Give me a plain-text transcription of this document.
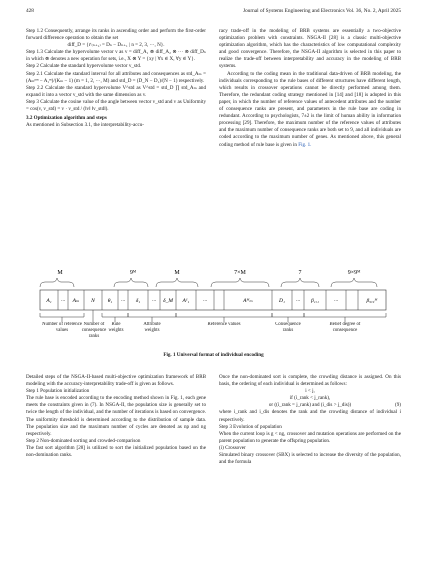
428	Journal of Systems Engineering and Electronics Vol. 36, No. 2, April 2025

Step 1.2 Consequently, arrange its ranks in ascending order and perform the first-order forward difference operation to obtain the set

diff_D = {rᵗ₍ₙ₊₁₎ = Dₙ − Dₙ₊₁ | n = 2, 3, ···, N}.

Step 1.3 Calculate the hypervolume vector v as v = diff_A₁ ⊗ diff_A₂ ⊗ ··· ⊗ diff_Dₙ in which ⊗ denotes a new operation for sets, i.e., X ⊗ Y = {xy | ∀x ∈ X, ∀y ∈ Y}.

Step 2 Calculate the standard hypervolume vector v_std.

Step 2.1 Calculate the standard interval for all attributes and consequences as std_Aₘ = (Aₘᵖᵐ − A₁ᵐ)/(Kₘ − 1) (m = 1, 2, ···, M) and std_D = (D_N − D₁)/(N − 1) respectively.

Step 2.2 Calculate the standard hypervolume V^std as V^std = std_D ∏ std_Aₘ and expand it into a vector v_std with the same dimension as v.

Step 3 Calculate the cosine value of the angle between vector v_std and v as Uniformity = cos(v, v_std) = v · v_std / (‖v‖ ‖v_std‖).

3.2 Optimization algorithm and steps

As mentioned in Subsection 3.1, the interpretability-accu-

racy trade-off in the modeling of BRB systems are essentially a two-objective optimization problem with constraints. NSGA-II [28] is a classic multi-objective optimization algorithm, which has the characteristics of low computational complexity and good convergence. Therefore, the NSGA-II algorithm is selected in this paper to realize the trade-off between interpretability and accuracy in the modeling of BRB systems.

According to the coding mean in the traditional data-driven of BRB modeling, the individuals corresponding to the rule bases of different structures have different length, which results in crossover operations cannot be directly performed among them. Therefore, the redundant coding strategy mentioned in [14] and [18] is adopted in this paper, in which the number of reference values of antecedent attributes and the number of consequence ranks are present, and parameters in the rule base are coding in redundant. According to psychologists, 7±2 is the limit of human ability in information processing [29]. Therefore, the maximum number of the reference values of attributes and the maximum number of consequence ranks are both set to 9, and all individuals are coded according to the maximum number of genes. As mentioned above, this general coding method of rule base is given in Fig. 1.

M	9ᴹ	M	7×M	7	9×9ᴹ
A₁ ··· Aₘ N θ₁ ··· δ₁ ··· δ_M A¹₁ ···	Aᴹₘ	D₁ ··· β₁,₁	···	β₉,₉ᴹ
Number of reference values
Number of consequence ranks
Rule weights
Attribute weights
Reference values	Consequence ranks
Belief degree of consequence
Fig. 1 Universal format of individual encoding

Detailed steps of the NSGA-II-based multi-objective optimization framework of BRB modeling with the accuracy-interpretability trade-off is given as follows.

Step 1 Population initialization

The rule base is encoded according to the encoding method shown in Fig. 1, each gene meets the constraints given in (7). In NSGA-II, the population size is generally set to twice the length of the individual, and the number of iterations is based on convergence. The uniformity threshold is determined according to the distribution of sample data. The population size and the maximum number of cycles are denoted as np and ng respectively.

Step 2 Non-dominated sorting and crowded-comparison

The fast sort algorithm [28] is utilized to sort the initialized population based on the non-domination ranks.

Once the non-dominated sort is complete, the crowding distance is assigned. On this basis, the ordering of each individual is determined as follows:

i < j,

if (i_rank < j_rank),

or ((i_rank = j_rank) and (i_dis > j_dis))	(9)

where i_rank and i_dis denotes the rank and the crowding distance of individual i respectively.

Step 3 Evolution of population

When the current loop is g < ng, crossover and mutation operations are performed on the parent population to generate the offspring population.

(i) Crossover

Simulated binary crossover (SBX) is selected to increase the diversity of the population, and the formula
